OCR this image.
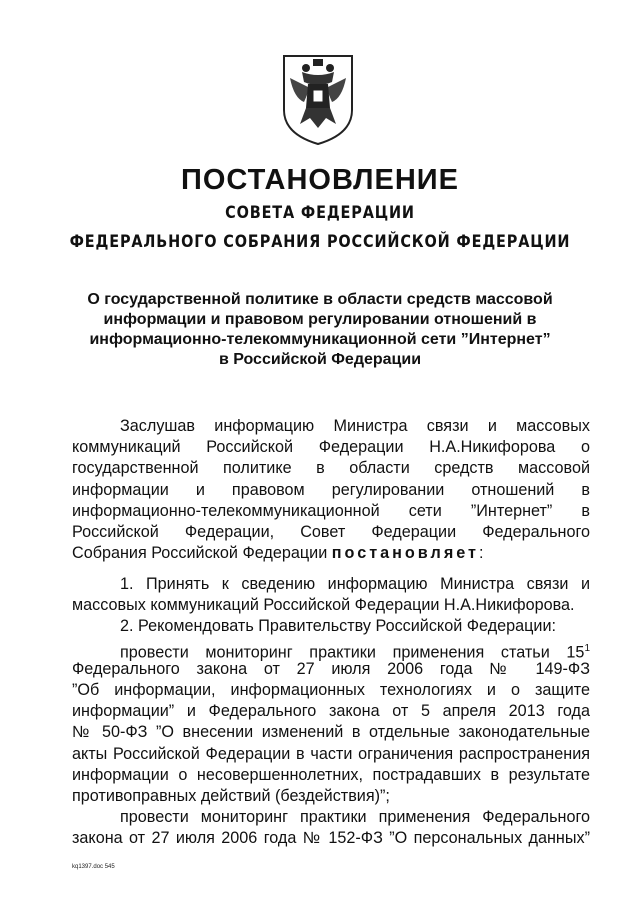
ПОСТАНОВЛЕНИЕ
СОВЕТА ФЕДЕРАЦИИ
ФЕДЕРАЛЬНОГО СОБРАНИЯ РОССИЙСКОЙ ФЕДЕРАЦИИ
О государственной политике в области средств массовой
информации и правовом регулировании отношений в
информационно-телекоммуникационной сети ”Интернет”
в Российской Федерации
Заслушав информацию Министра связи и массовых
коммуникаций Российской Федерации Н.А.Никифорова о
государственной политике в области средств массовой
информации и правовом регулировании отношений в
информационно-телекоммуникационной сети ”Интернет” в
Российской Федерации, Совет Федерации Федерального
Собрания Российской Федерации постановляет:
1. Принять к сведению информацию Министра связи и
массовых коммуникаций Российской Федерации Н.А.Никифорова.
2. Рекомендовать Правительству Российской Федерации:
провести мониторинг практики применения статьи $15^1$
Федерального закона от 27 июля 2006 года № 149-ФЗ
”Об информации, информационных технологиях и о защите
информации” и Федерального закона от 5 апреля 2013 года
№ 50-ФЗ ”О внесении изменений в отдельные законодательные
акты Российской Федерации в части ограничения распространения
информации о несовершеннолетних, пострадавших в результате
противоправных действий (бездействия)”;
провести мониторинг практики применения Федерального
закона от 27 июля 2006 года № 152-ФЗ ”О персональных данных”
kq1397.doc 545
